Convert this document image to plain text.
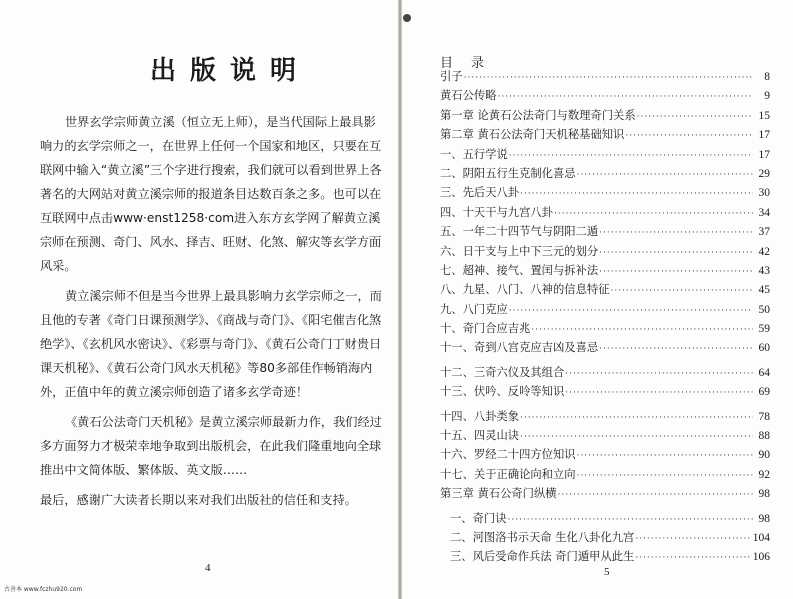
出版说明

世界玄学宗师黄立溪（恒立无上师），是当代国际上最具影响力的玄学宗师之一，在世界上任何一个国家和地区，只要在互联网中输入“黄立溪”三个字进行搜索，我们就可以看到世界上各著名的大网站对黄立溪宗师的报道条目达数百条之多。也可以在互联网中点击www·enst1258·com进入东方玄学网了解黄立溪宗师在预测、奇门、风水、择吉、旺财、化煞、解灾等玄学方面风采。

黄立溪宗师不但是当今世界上最具影响力玄学宗师之一，而且他的专著《奇门日课预测学》、《商战与奇门》、《阳宅催吉化煞绝学》、《玄机风水密诀》、《彩票与奇门》、《黄石公奇门丁财贵日课天机秘》、《黄石公奇门风水天机秘》等80多部佳作畅销海内外，正值中年的黄立溪宗师创造了诸多玄学奇迹！

《黄石公法奇门天机秘》是黄立溪宗师最新力作，我们经过多方面努力才极荣幸地争取到出版机会，在此我们隆重地向全球推出中文简体版、繁体版、英文版……

最后，感谢广大读者长期以来对我们出版社的信任和支持。

4
古善本 www.fczhu920.com
目录
引子 ·····	8
黄石公传略 ·····	9
第一章 论黄石公法奇门与数理奇门关系 ·····	15
第二章 黄石公法奇门天机秘基础知识 ·····	17
一、五行学说 ·····	17
二、阴阳五行生克制化喜忌 ·····	29
三、先后天八卦 ·····	30
四、十天干与九宫八卦 ·····	34
五、一年二十四节气与阴阳二遁 ·····	37
六、日干支与上中下三元的划分 ·····	42
七、超神、接气、置闰与拆补法 ·····	43
八、九星、八门、八神的信息特征 ·····	45
九、八门克应 ·····	50
十、奇门合应吉兆 ·····	59
十一、奇到八宫克应吉凶及喜忌 ·····	60
十二、三奇六仪及其组合 ·····	64
十三、伏吟、反呤等知识 ·····	69
十四、八卦类象 ·····	78
十五、四灵山诀 ·····	88
十六、罗经二十四方位知识 ·····	90
十七、关于正确论向和立向 ·····	92
第三章 黄石公奇门纵横 ·····	98
一、奇门诀 ·····	98
二、河图洛书示天命 生化八卦化九宫 ·····	104
三、风后受命作兵法 奇门遁甲从此生 ·····	106
5
